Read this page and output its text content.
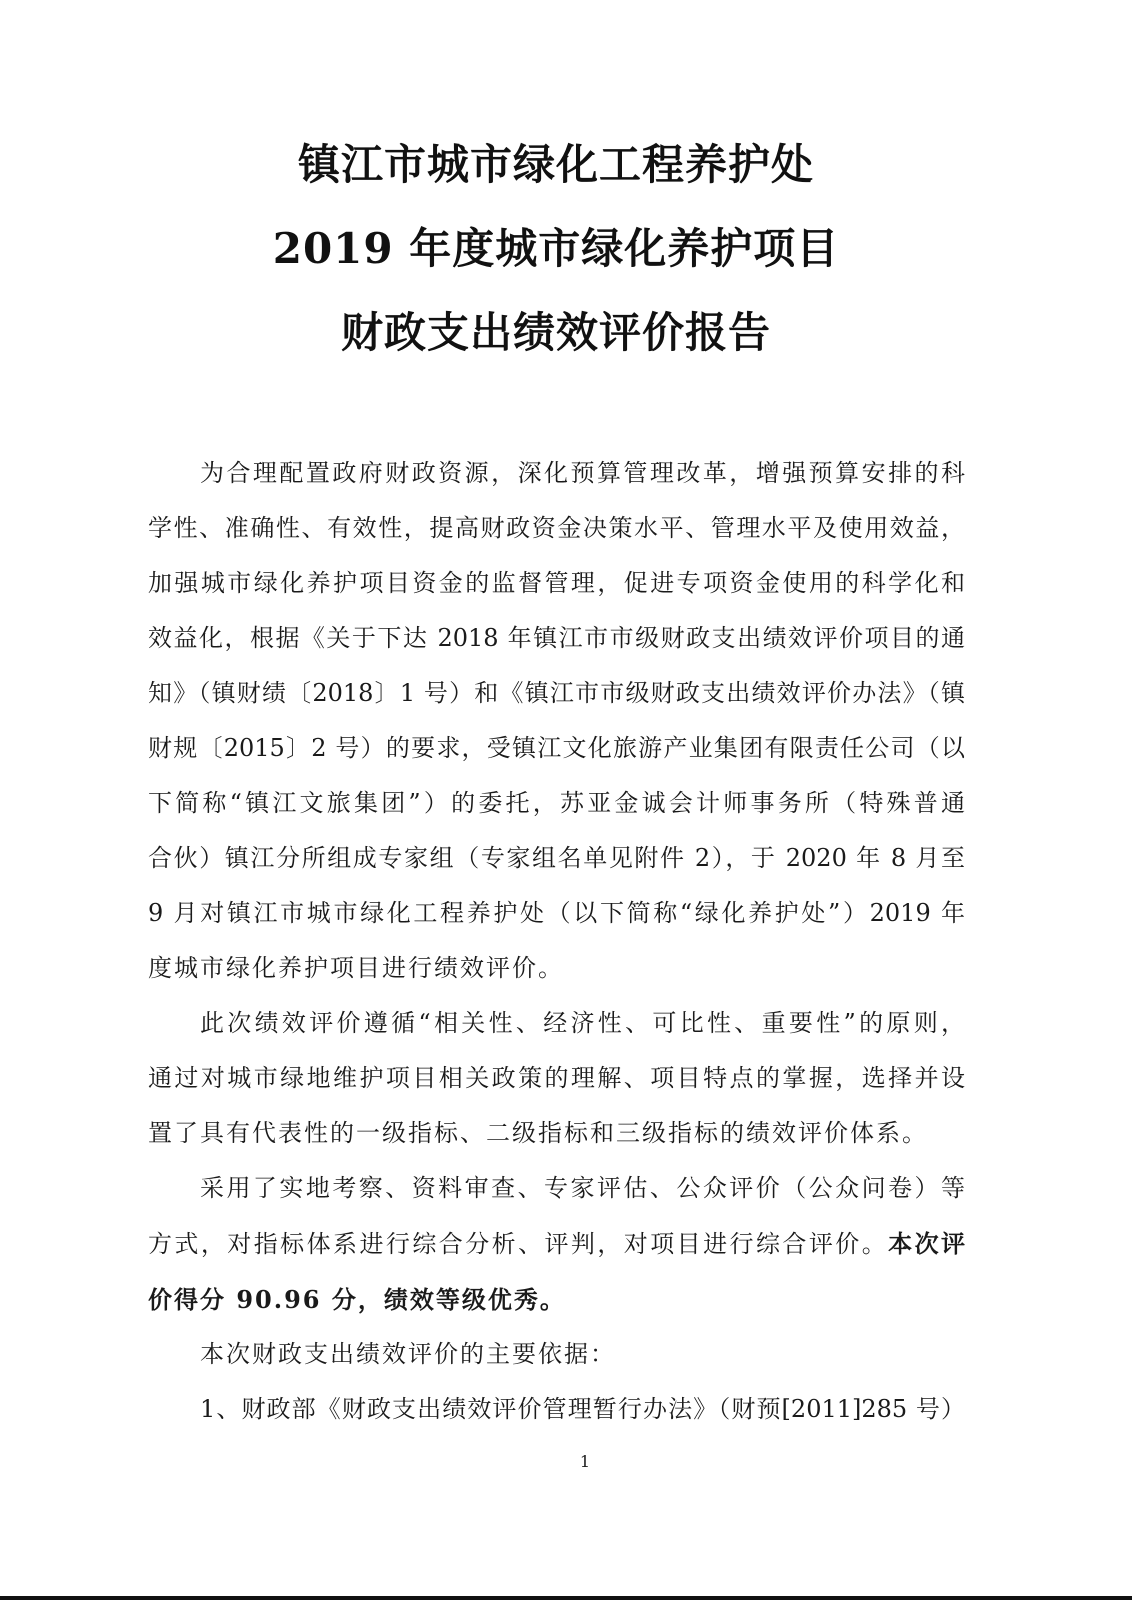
镇江市城市绿化工程养护处
2019 年度城市绿化养护项目
财政支出绩效评价报告
为合理配置政府财政资源，深化预算管理改革，增强预算安排的科
学性、准确性、有效性，提高财政资金决策水平、管理水平及使用效益，
加强城市绿化养护项目资金的监督管理，促进专项资金使用的科学化和
效益化，根据《关于下达 2018 年镇江市市级财政支出绩效评价项目的通
知》（镇财绩〔2018〕1 号）和《镇江市市级财政支出绩效评价办法》（镇
财规〔2015〕2 号）的要求，受镇江文化旅游产业集团有限责任公司（以
下简称“镇江文旅集团”）的委托，苏亚金诚会计师事务所（特殊普通
合伙）镇江分所组成专家组（专家组名单见附件 2），于 2020 年 8 月至
9 月对镇江市城市绿化工程养护处（以下简称“绿化养护处”）2019 年
度城市绿化养护项目进行绩效评价。
此次绩效评价遵循“相关性、经济性、可比性、重要性”的原则，
通过对城市绿地维护项目相关政策的理解、项目特点的掌握，选择并设
置了具有代表性的一级指标、二级指标和三级指标的绩效评价体系。
采用了实地考察、资料审查、专家评估、公众评价（公众问卷）等
方式，对指标体系进行综合分析、评判，对项目进行综合评价。本次评
价得分 90.96 分，绩效等级优秀。
本次财政支出绩效评价的主要依据：
1、财政部《财政支出绩效评价管理暂行办法》（财预[2011]285 号）
1
